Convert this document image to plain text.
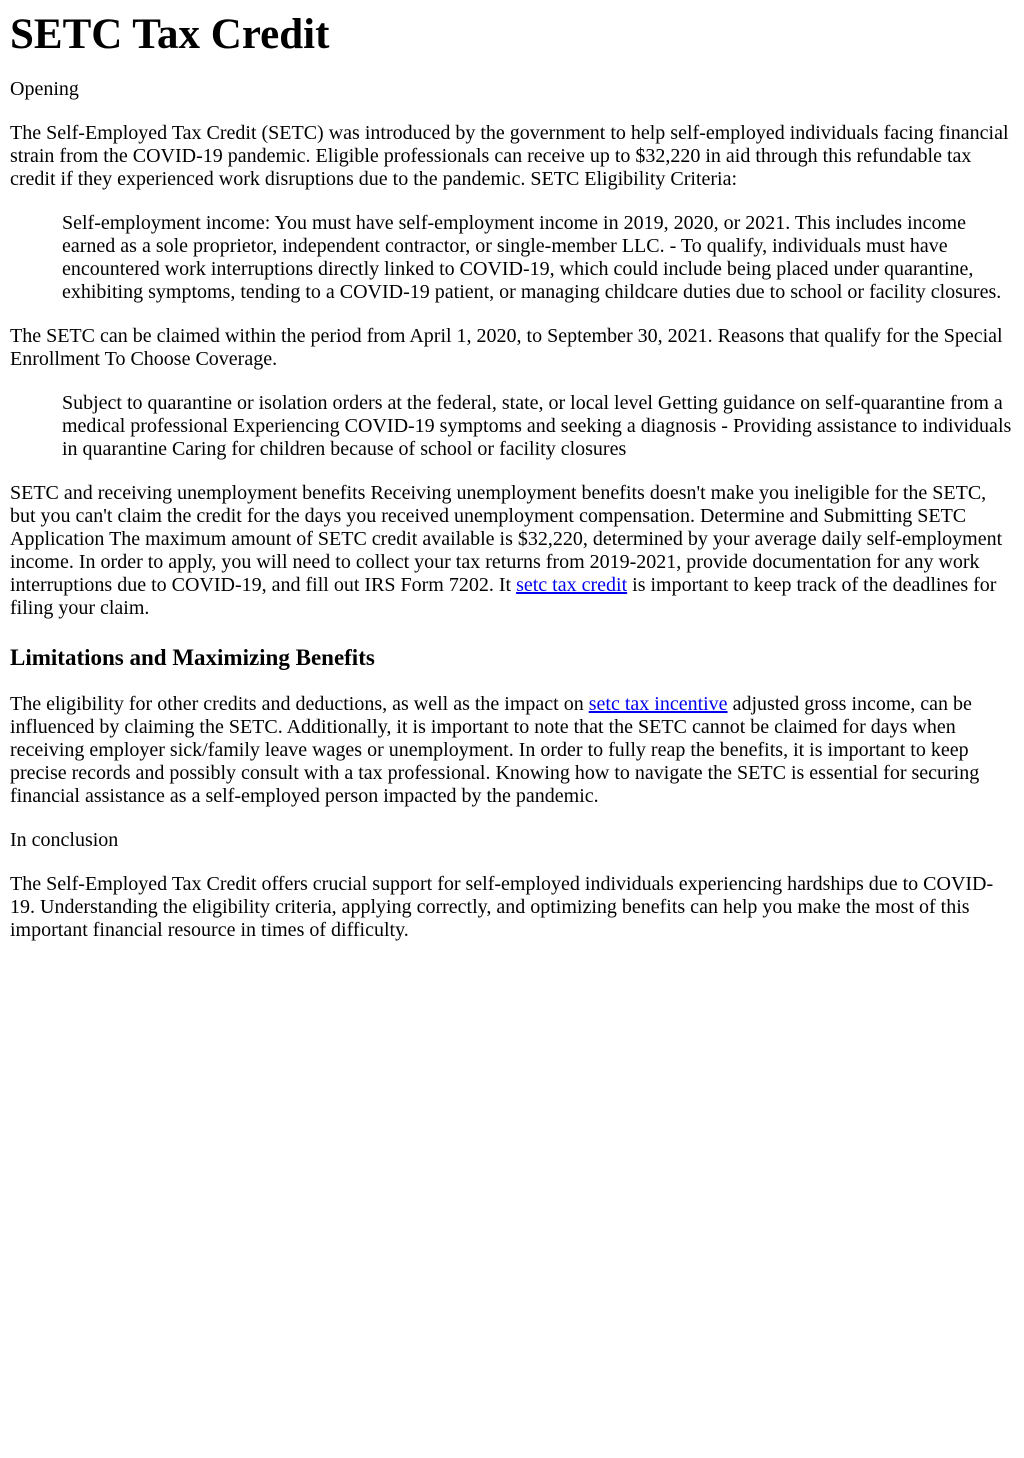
SETC Tax Credit

Opening

The Self-Employed Tax Credit (SETC) was introduced by the government to help self-employed individuals facing financial strain from the COVID-19 pandemic. Eligible professionals can receive up to $32,220 in aid through this refundable tax credit if they experienced work disruptions due to the pandemic. SETC Eligibility Criteria:

Self-employment income: You must have self-employment income in 2019, 2020, or 2021. This includes income earned as a sole proprietor, independent contractor, or single-member LLC. - To qualify, individuals must have encountered work interruptions directly linked to COVID-19, which could include being placed under quarantine, exhibiting symptoms, tending to a COVID-19 patient, or managing childcare duties due to school or facility closures.

The SETC can be claimed within the period from April 1, 2020, to September 30, 2021. Reasons that qualify for the Special Enrollment To Choose Coverage.

Subject to quarantine or isolation orders at the federal, state, or local level Getting guidance on self-quarantine from a medical professional Experiencing COVID-19 symptoms and seeking a diagnosis - Providing assistance to individuals in quarantine Caring for children because of school or facility closures

SETC and receiving unemployment benefits Receiving unemployment benefits doesn't make you ineligible for the SETC, but you can't claim the credit for the days you received unemployment compensation. Determine and Submitting SETC Application The maximum amount of SETC credit available is $32,220, determined by your average daily self-employment income. In order to apply, you will need to collect your tax returns from 2019-2021, provide documentation for any work interruptions due to COVID-19, and fill out IRS Form 7202. It setc tax credit is important to keep track of the deadlines for filing your claim.

Limitations and Maximizing Benefits

The eligibility for other credits and deductions, as well as the impact on setc tax incentive adjusted gross income, can be influenced by claiming the SETC. Additionally, it is important to note that the SETC cannot be claimed for days when receiving employer sick/family leave wages or unemployment. In order to fully reap the benefits, it is important to keep precise records and possibly consult with a tax professional. Knowing how to navigate the SETC is essential for securing financial assistance as a self-employed person impacted by the pandemic.

In conclusion

The Self-Employed Tax Credit offers crucial support for self-employed individuals experiencing hardships due to COVID-19. Understanding the eligibility criteria, applying correctly, and optimizing benefits can help you make the most of this important financial resource in times of difficulty.
